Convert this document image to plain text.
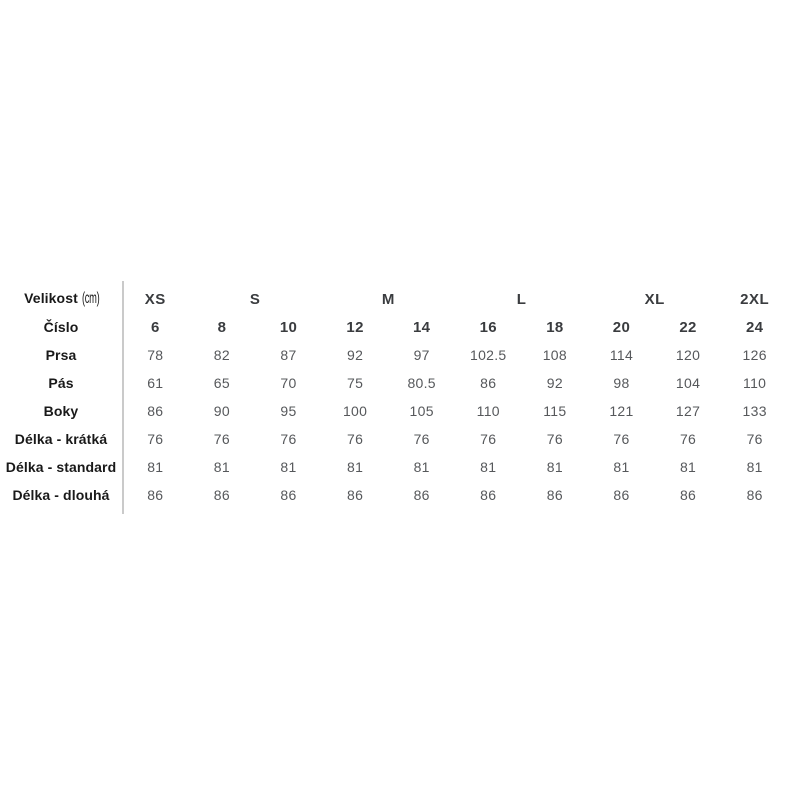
Velikost (cm)	XS	S		M		L		XL		2XL
Číslo	6	8	10	12	14	16	18	20	22	24
Prsa	78	82	87	92	97	102.5	108	114	120	126
Pás	61	65	70	75	80.5	86	92	98	104	110
Boky	86	90	95	100	105	110	115	121	127	133
Délka - krátká	76	76	76	76	76	76	76	76	76	76
Délka - standard	81	81	81	81	81	81	81	81	81	81
Délka - dlouhá	86	86	86	86	86	86	86	86	86	86
